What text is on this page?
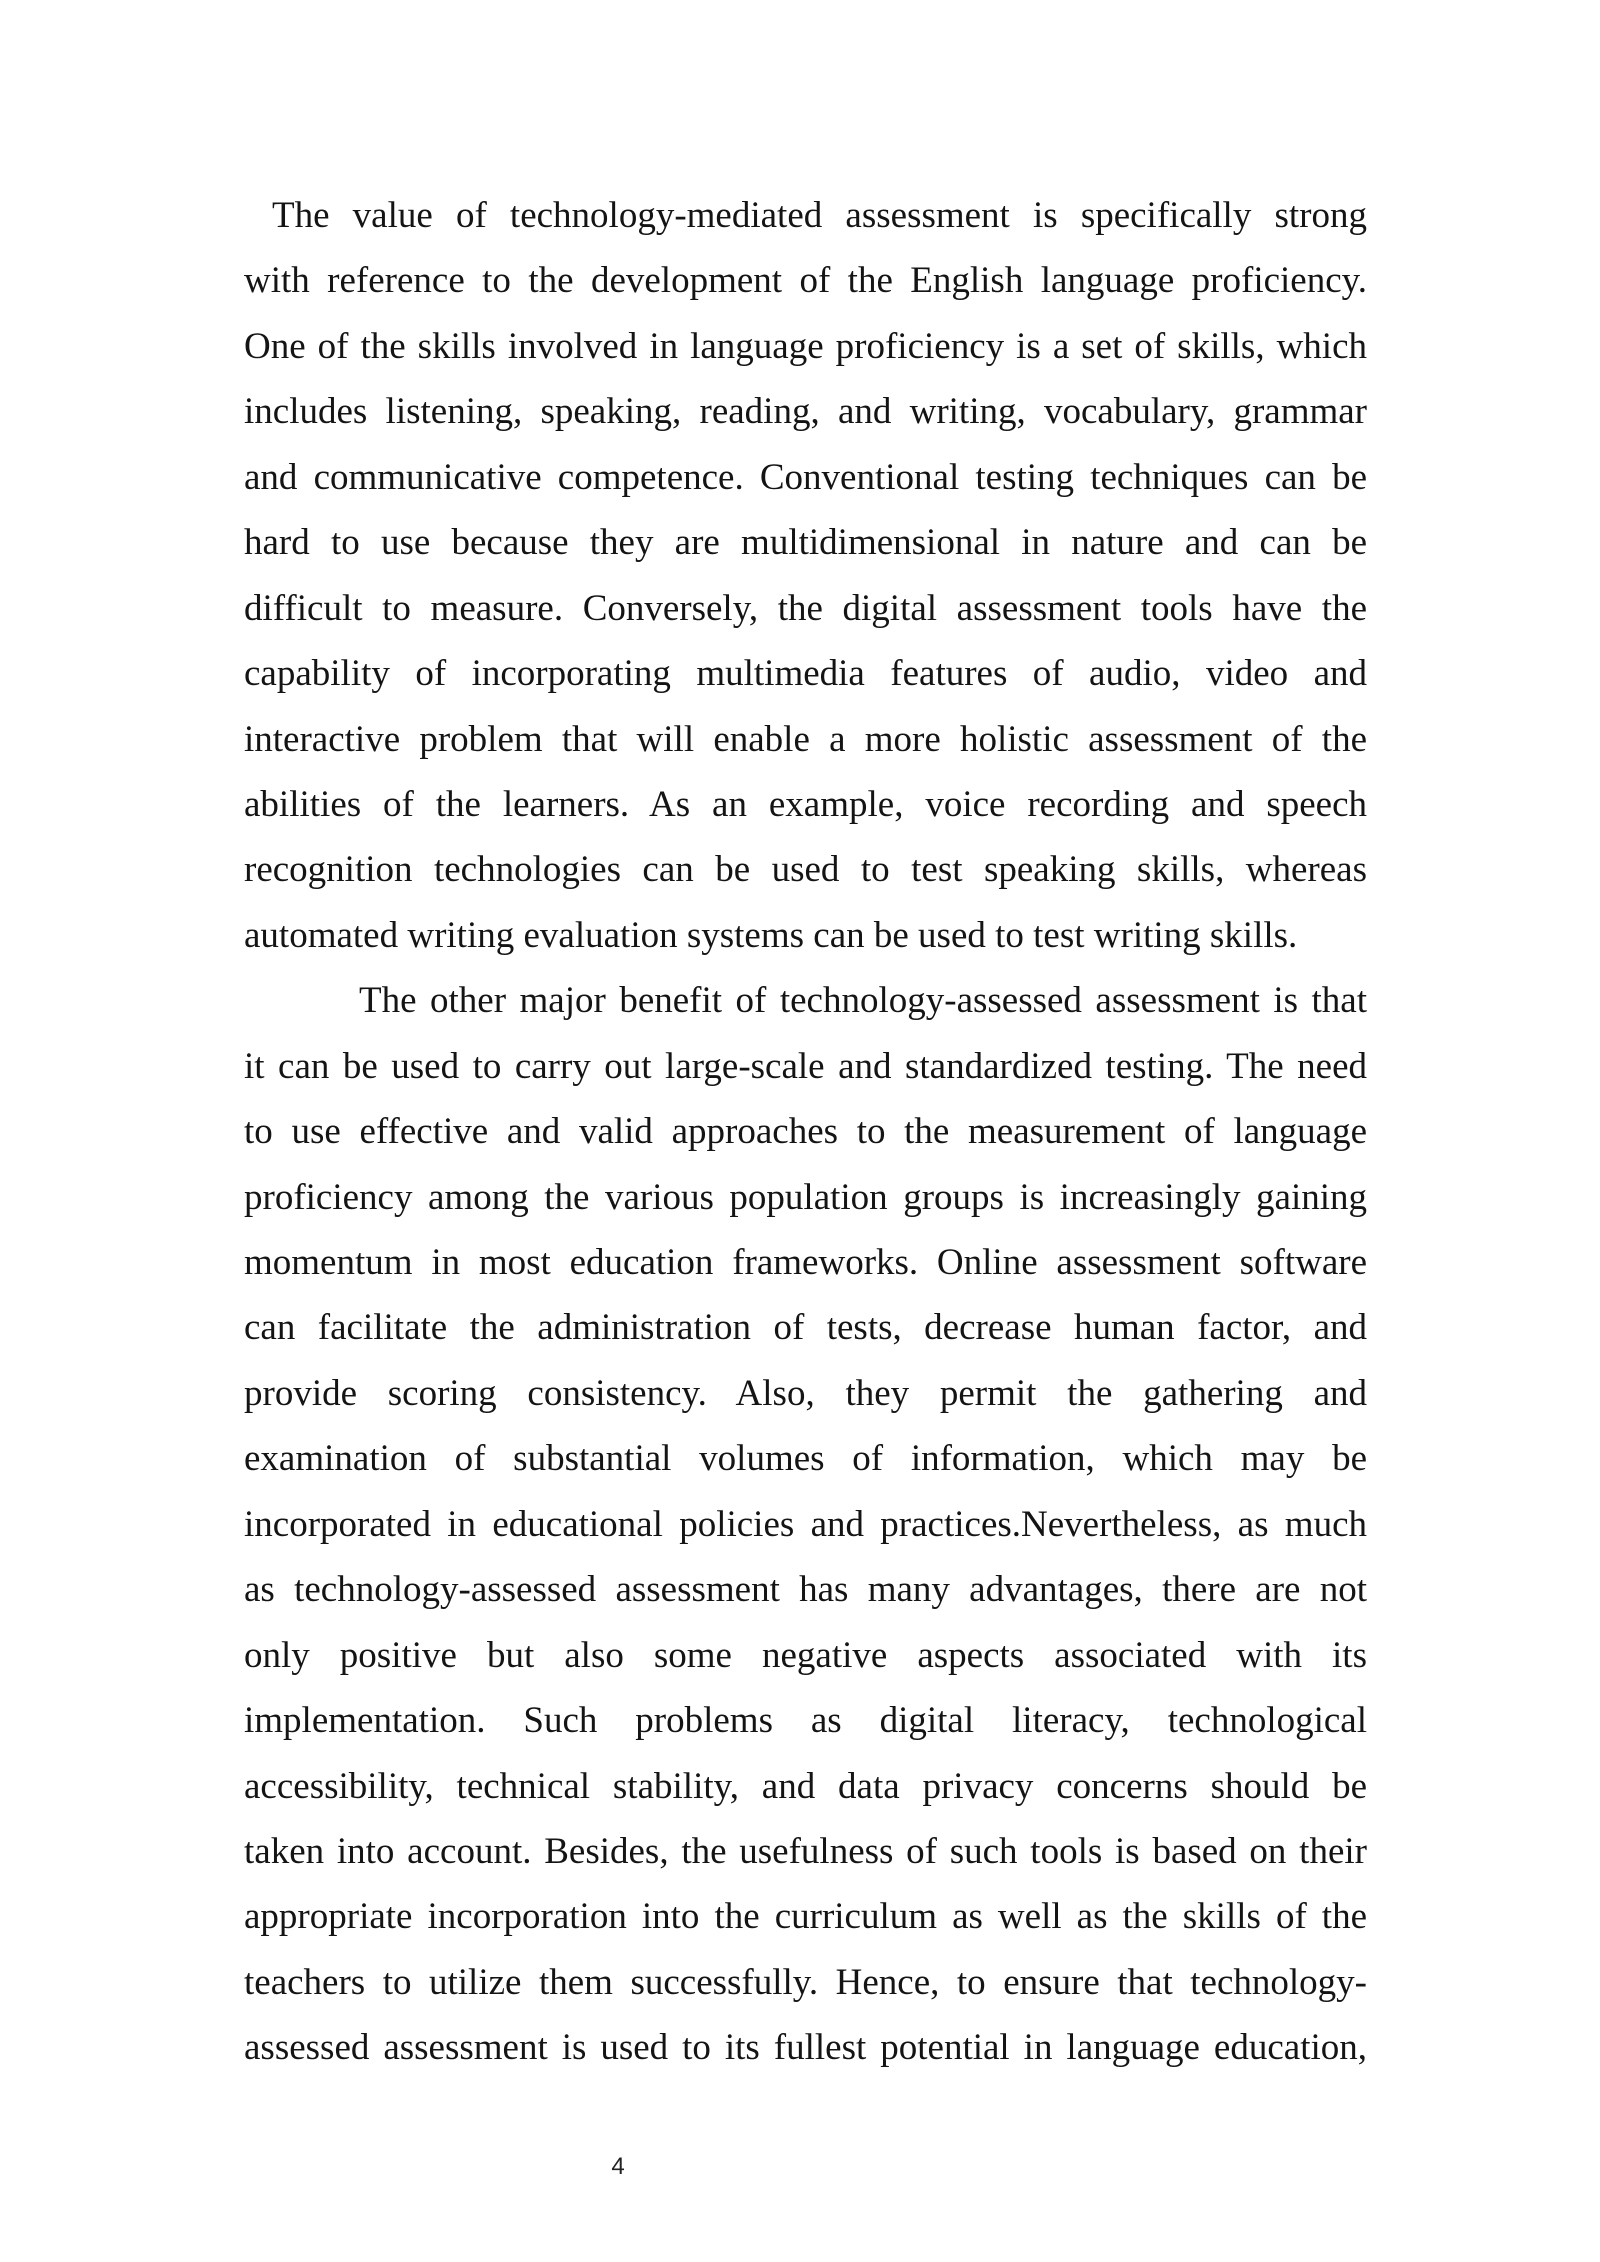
The value of technology-mediated assessment is specifically strong
with reference to the development of the English language proficiency.
One of the skills involved in language proficiency is a set of skills, which
includes listening, speaking, reading, and writing, vocabulary, grammar
and communicative competence. Conventional testing techniques can be
hard to use because they are multidimensional in nature and can be
difficult to measure. Conversely, the digital assessment tools have the
capability of incorporating multimedia features of audio, video and
interactive problem that will enable a more holistic assessment of the
abilities of the learners. As an example, voice recording and speech
recognition technologies can be used to test speaking skills, whereas
automated writing evaluation systems can be used to test writing skills.
The other major benefit of technology-assessed assessment is that
it can be used to carry out large-scale and standardized testing. The need
to use effective and valid approaches to the measurement of language
proficiency among the various population groups is increasingly gaining
momentum in most education frameworks. Online assessment software
can facilitate the administration of tests, decrease human factor, and
provide scoring consistency. Also, they permit the gathering and
examination of substantial volumes of information, which may be
incorporated in educational policies and practices.Nevertheless, as much
as technology-assessed assessment has many advantages, there are not
only positive but also some negative aspects associated with its
implementation. Such problems as digital literacy, technological
accessibility, technical stability, and data privacy concerns should be
taken into account. Besides, the usefulness of such tools is based on their
appropriate incorporation into the curriculum as well as the skills of the
teachers to utilize them successfully. Hence, to ensure that technology-
assessed assessment is used to its fullest potential in language education,
4
